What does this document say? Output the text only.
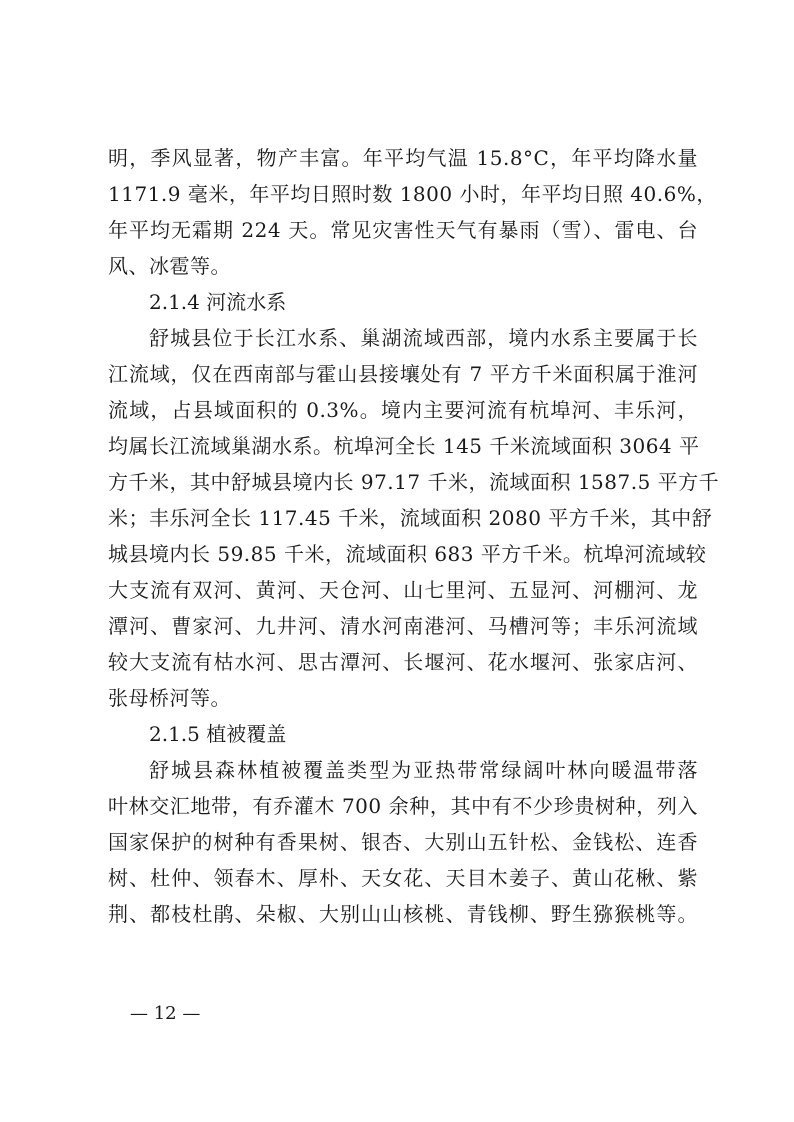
明，季风显著，物产丰富。年平均气温 15.8°C，年平均降水量
1171.9 毫米，年平均日照时数 1800 小时，年平均日照 40.6%，
年平均无霜期 224 天。常见灾害性天气有暴雨（雪）、雷电、台
风、冰雹等。
2.1.4 河流水系
舒城县位于长江水系、巢湖流域西部，境内水系主要属于长
江流域，仅在西南部与霍山县接壤处有 7 平方千米面积属于淮河
流域，占县域面积的 0.3%。境内主要河流有杭埠河、丰乐河，
均属长江流域巢湖水系。杭埠河全长 145 千米流域面积 3064 平
方千米，其中舒城县境内长 97.17 千米，流域面积 1587.5 平方千
米；丰乐河全长 117.45 千米，流域面积 2080 平方千米，其中舒
城县境内长 59.85 千米，流域面积 683 平方千米。杭埠河流域较
大支流有双河、黄河、天仓河、山七里河、五显河、河棚河、龙
潭河、曹家河、九井河、清水河南港河、马槽河等；丰乐河流域
较大支流有枯水河、思古潭河、长堰河、花水堰河、张家店河、
张母桥河等。
2.1.5 植被覆盖
舒城县森林植被覆盖类型为亚热带常绿阔叶林向暖温带落
叶林交汇地带，有乔灌木 700 余种，其中有不少珍贵树种，列入
国家保护的树种有香果树、银杏、大别山五针松、金钱松、连香
树、杜仲、领春木、厚朴、天女花、天目木姜子、黄山花楸、紫
荆、都枝杜鹃、朵椒、大别山山核桃、青钱柳、野生猕猴桃等。
— 12 —
